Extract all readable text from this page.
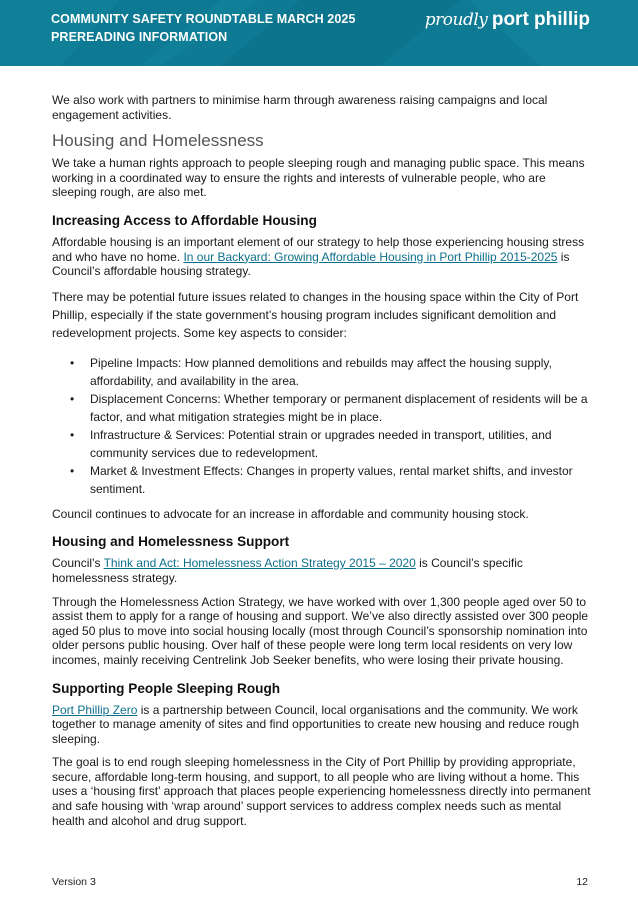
COMMUNITY SAFETY ROUNDTABLE MARCH 2025
PREREADING INFORMATION
proudly port phillip

We also work with partners to minimise harm through awareness raising campaigns and local engagement activities.

Housing and Homelessness

We take a human rights approach to people sleeping rough and managing public space. This means working in a coordinated way to ensure the rights and interests of vulnerable people, who are sleeping rough, are also met.

Increasing Access to Affordable Housing

Affordable housing is an important element of our strategy to help those experiencing housing stress and who have no home. In our Backyard: Growing Affordable Housing in Port Phillip 2015-2025 is Council’s affordable housing strategy.

There may be potential future issues related to changes in the housing space within the City of Port Phillip, especially if the state government’s housing program includes significant demolition and redevelopment projects. Some key aspects to consider:

• Pipeline Impacts: How planned demolitions and rebuilds may affect the housing supply, affordability, and availability in the area.
• Displacement Concerns: Whether temporary or permanent displacement of residents will be a factor, and what mitigation strategies might be in place.
• Infrastructure & Services: Potential strain or upgrades needed in transport, utilities, and community services due to redevelopment.
• Market & Investment Effects: Changes in property values, rental market shifts, and investor sentiment.

Council continues to advocate for an increase in affordable and community housing stock.

Housing and Homelessness Support

Council’s Think and Act: Homelessness Action Strategy 2015 – 2020 is Council’s specific homelessness strategy.

Through the Homelessness Action Strategy, we have worked with over 1,300 people aged over 50 to assist them to apply for a range of housing and support. We’ve also directly assisted over 300 people aged 50 plus to move into social housing locally (most through Council’s sponsorship nomination into older persons public housing. Over half of these people were long term local residents on very low incomes, mainly receiving Centrelink Job Seeker benefits, who were losing their private housing.

Supporting People Sleeping Rough

Port Phillip Zero is a partnership between Council, local organisations and the community. We work together to manage amenity of sites and find opportunities to create new housing and reduce rough sleeping.

The goal is to end rough sleeping homelessness in the City of Port Phillip by providing appropriate, secure, affordable long-term housing, and support, to all people who are living without a home. This uses a ‘housing first’ approach that places people experiencing homelessness directly into permanent and safe housing with ‘wrap around’ support services to address complex needs such as mental health and alcohol and drug support.

Version 3	12
